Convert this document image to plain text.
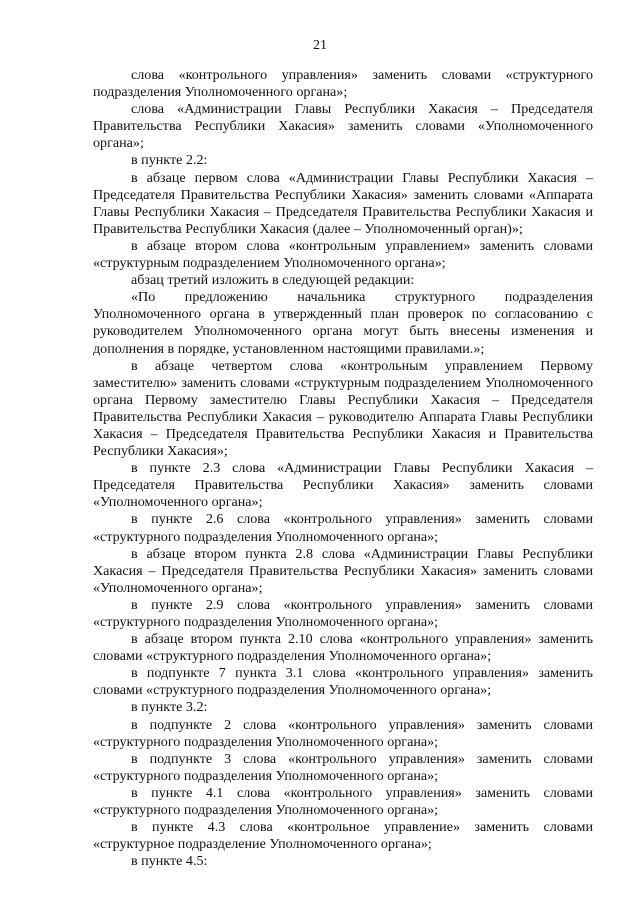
21

слова «контрольного управления» заменить словами «структурного подразделения Уполномоченного органа»;

слова «Администрации Главы Республики Хакасия – Председателя Правительства Республики Хакасия» заменить словами «Уполномоченного органа»;

в пункте 2.2:

в абзаце первом слова «Администрации Главы Республики Хакасия – Председателя Правительства Республики Хакасия» заменить словами «Аппарата Главы Республики Хакасия – Председателя Правительства Республики Хакасия и Правительства Республики Хакасия (далее – Уполномоченный орган)»;

в абзаце втором слова «контрольным управлением» заменить словами «структурным подразделением Уполномоченного органа»;

абзац третий изложить в следующей редакции:

«По предложению начальника структурного подразделения Уполномоченного органа в утвержденный план проверок по согласованию с руководителем Уполномоченного органа могут быть внесены изменения и дополнения в порядке, установленном настоящими правилами.»;

в абзаце четвертом слова «контрольным управлением Первому заместителю» заменить словами «структурным подразделением Уполномоченного органа Первому заместителю Главы Республики Хакасия – Председателя Правительства Республики Хакасия – руководителю Аппарата Главы Республики Хакасия – Председателя Правительства Республики Хакасия и Правительства Республики Хакасия»;

в пункте 2.3 слова «Администрации Главы Республики Хакасия – Председателя Правительства Республики Хакасия» заменить словами «Уполномоченного органа»;

в пункте 2.6 слова «контрольного управления» заменить словами «структурного подразделения Уполномоченного органа»;

в абзаце втором пункта 2.8 слова «Администрации Главы Республики Хакасия – Председателя Правительства Республики Хакасия» заменить словами «Уполномоченного органа»;

в пункте 2.9 слова «контрольного управления» заменить словами «структурного подразделения Уполномоченного органа»;

в абзаце втором пункта 2.10 слова «контрольного управления» заменить словами «структурного подразделения Уполномоченного органа»;

в подпункте 7 пункта 3.1 слова «контрольного управления» заменить словами «структурного подразделения Уполномоченного органа»;

в пункте 3.2:

в подпункте 2 слова «контрольного управления» заменить словами «структурного подразделения Уполномоченного органа»;

в подпункте 3 слова «контрольного управления» заменить словами «структурного подразделения Уполномоченного органа»;

в пункте 4.1 слова «контрольного управления» заменить словами «структурного подразделения Уполномоченного органа»;

в пункте 4.3 слова «контрольное управление» заменить словами «структурное подразделение Уполномоченного органа»;

в пункте 4.5:
